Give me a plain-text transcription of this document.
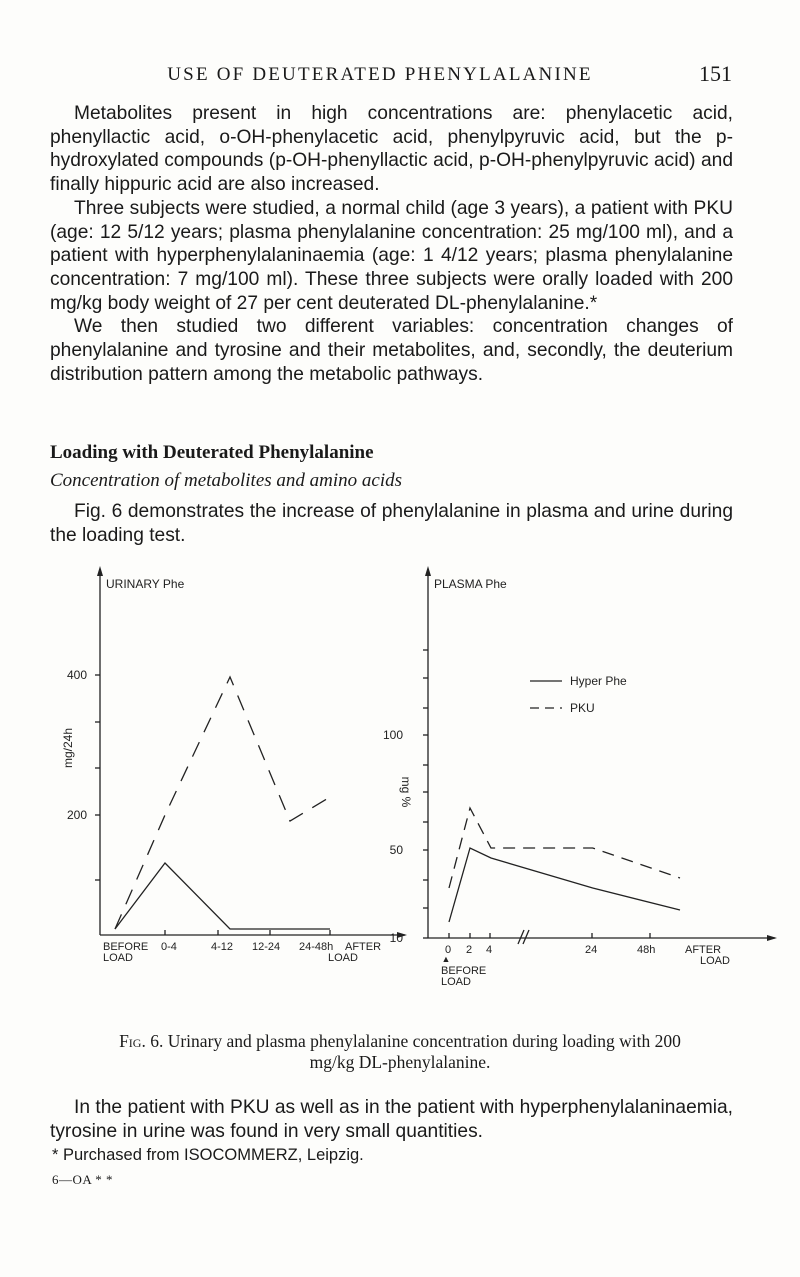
USE OF DEUTERATED PHENYLALANINE	151

Metabolites present in high concentrations are: phenylacetic acid, phenyllactic acid, o-OH-phenylacetic acid, phenylpyruvic acid, but the p-hydroxylated compounds (p-OH-phenyllactic acid, p-OH-phenylpyruvic acid) and finally hippuric acid are also increased.

Three subjects were studied, a normal child (age 3 years), a patient with PKU (age: 12 5/12 years; plasma phenylalanine concentration: 25 mg/100 ml), and a patient with hyperphenylalaninaemia (age: 1 4/12 years; plasma phenylalanine concentration: 7 mg/100 ml). These three subjects were orally loaded with 200 mg/kg body weight of 27 per cent deuterated DL-phenylalanine.*

We then studied two different variables: concentration changes of phenylalanine and tyrosine and their metabolites, and, secondly, the deuterium distribution pattern among the metabolic pathways.

Loading with Deuterated Phenylalanine
Concentration of metabolites and amino acids

Fig. 6 demonstrates the increase of phenylalanine in plasma and urine during the loading test.

URINARY Phe
400
200
mg/24h
BEFORE
LOAD
0-4	4-12 12-24 24-48h AFTER
LOAD
PLASMA Phe
100
50
10
mg %
Hyper Phe
PKU
0 2 4	24	48h	AFTER
LOAD
▲
BEFORE
LOAD
Fig. 6. Urinary and plasma phenylalanine concentration during loading with 200 mg/kg DL-phenylalanine.

In the patient with PKU as well as in the patient with hyperphenylalaninaemia, tyrosine in urine was found in very small quantities.

* Purchased from ISOCOMMERZ, Leipzig.
6—OA * *
